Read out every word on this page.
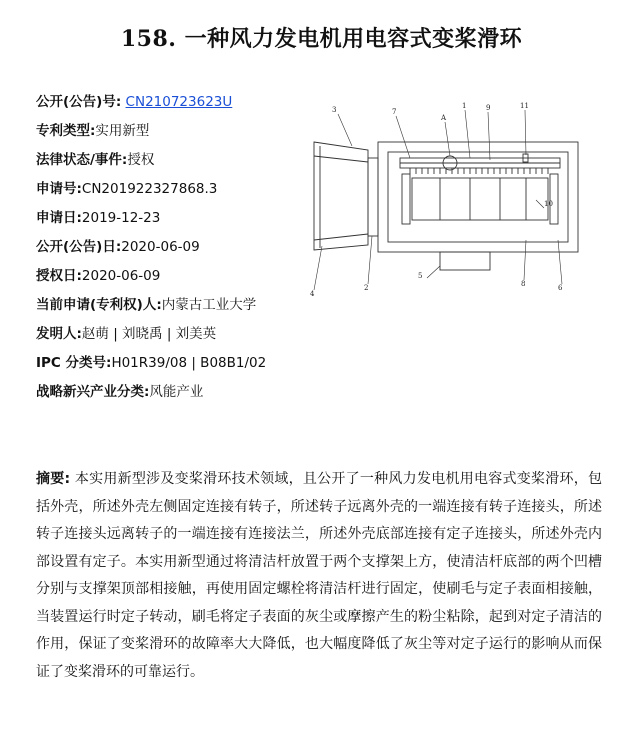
158. 一种风力发电机用电容式变桨滑环
公开(公告)号: CN210723623U
专利类型:实用新型
法律状态/事件:授权
申请号:CN201922327868.3
申请日:2019-12-23
公开(公告)日:2020-06-09
授权日:2020-06-09
当前申请(专利权)人:内蒙古工业大学
发明人:赵萌 | 刘晓禹 | 刘美英
IPC 分类号:H01R39/08 | B08B1/02
战略新兴产业分类:风能产业
3	7
A
1	9	11
10
5
4
2	8	6
摘要: 本实用新型涉及变桨滑环技术领域，且公开了一种风力发电机用电容式变桨滑环，包括外壳，所述外壳左侧固定连接有转子，所述转子远离外壳的一端连接有转子连接头，所述转子连接头远离转子的一端连接有连接法兰，所述外壳底部连接有定子连接头，所述外壳内部设置有定子。本实用新型通过将清洁杆放置于两个支撑架上方，使清洁杆底部的两个凹槽分别与支撑架顶部相接触，再使用固定螺栓将清洁杆进行固定，使刷毛与定子表面相接触，当装置运行时定子转动，刷毛将定子表面的灰尘或摩擦产生的粉尘粘除，起到对定子清洁的作用，保证了变桨滑环的故障率大大降低，也大幅度降低了灰尘等对定子运行的影响从而保证了变桨滑环的可靠运行。
